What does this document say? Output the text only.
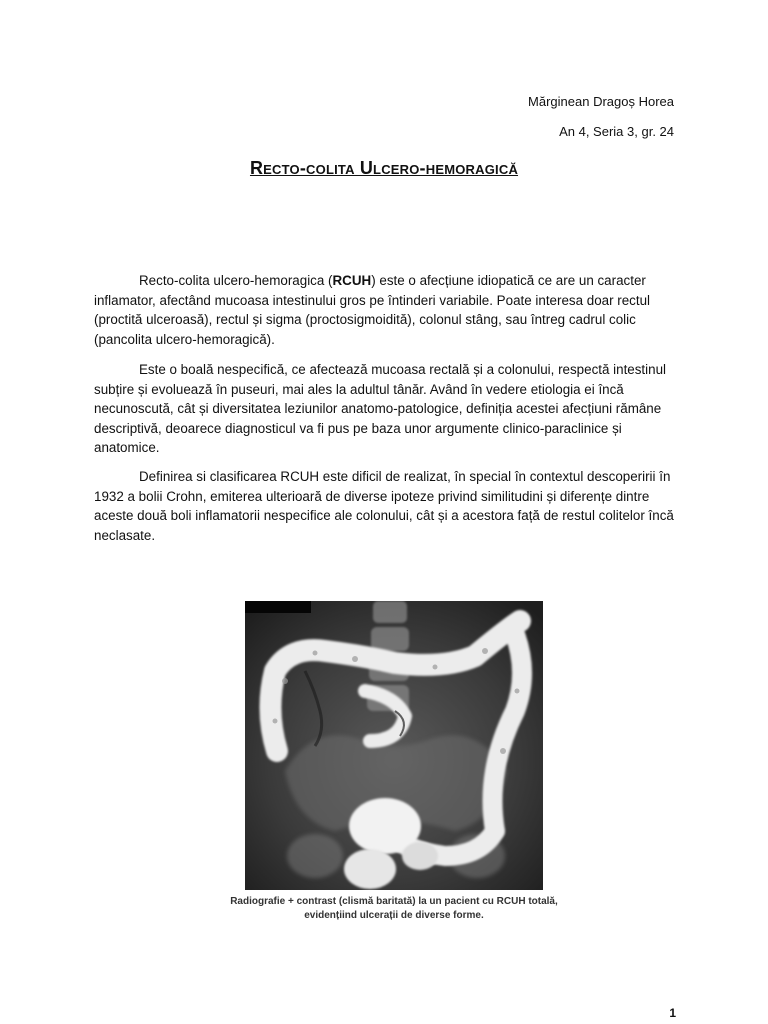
Mărginean Dragoș Horea
An 4, Seria 3, gr. 24
Recto-colita Ulcero-hemoragică

Recto-colita ulcero-hemoragica (RCUH) este o afecțiune idiopatică ce are un caracter inflamator, afectând mucoasa intestinului gros pe întinderi variabile. Poate interesa doar rectul (proctită ulceroasă), rectul și sigma (proctosigmoidită), colonul stâng, sau întreg cadrul colic (pancolita ulcero-hemoragică).

Este o boală nespecifică, ce afectează mucoasa rectală și a colonului, respectă intestinul subțire și evoluează în puseuri, mai ales la adultul tânăr. Având în vedere etiologia ei încă necunoscută, cât și diversitatea leziunilor anatomo-patologice, definiția acestei afecțiuni rămâne descriptivă, deoarece diagnosticul va fi pus pe baza unor argumente clinico-paraclinice și anatomice.

Definirea si clasificarea RCUH este dificil de realizat, în special în contextul descoperirii în 1932 a bolii Crohn, emiterea ulterioară de diverse ipoteze privind similitudini și diferențe dintre aceste două boli inflamatorii nespecifice ale colonului, cât și a acestora față de restul colitelor încă neclasate.

Radiografie + contrast (clismă baritată) la un pacient cu RCUH totală, evidențiind ulcerații de diverse forme.
1
